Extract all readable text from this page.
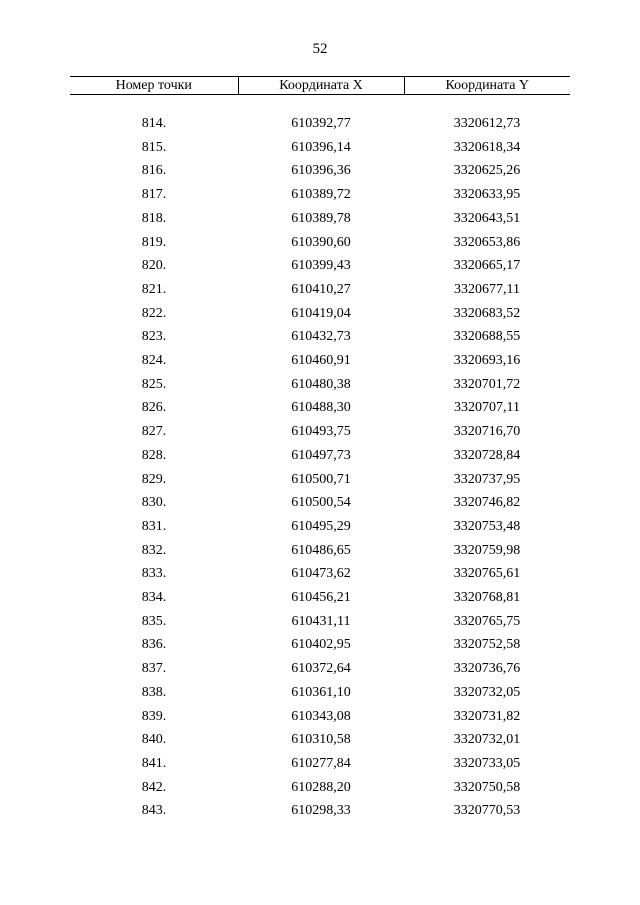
52
Номер точки	Координата X	Координата Y

814.	610392,77	3320612,73
815.	610396,14	3320618,34
816.	610396,36	3320625,26
817.	610389,72	3320633,95
818.	610389,78	3320643,51
819.	610390,60	3320653,86
820.	610399,43	3320665,17
821.	610410,27	3320677,11
822.	610419,04	3320683,52
823.	610432,73	3320688,55
824.	610460,91	3320693,16
825.	610480,38	3320701,72
826.	610488,30	3320707,11
827.	610493,75	3320716,70
828.	610497,73	3320728,84
829.	610500,71	3320737,95
830.	610500,54	3320746,82
831.	610495,29	3320753,48
832.	610486,65	3320759,98
833.	610473,62	3320765,61
834.	610456,21	3320768,81
835.	610431,11	3320765,75
836.	610402,95	3320752,58
837.	610372,64	3320736,76
838.	610361,10	3320732,05
839.	610343,08	3320731,82
840.	610310,58	3320732,01
841.	610277,84	3320733,05
842.	610288,20	3320750,58
843.	610298,33	3320770,53
